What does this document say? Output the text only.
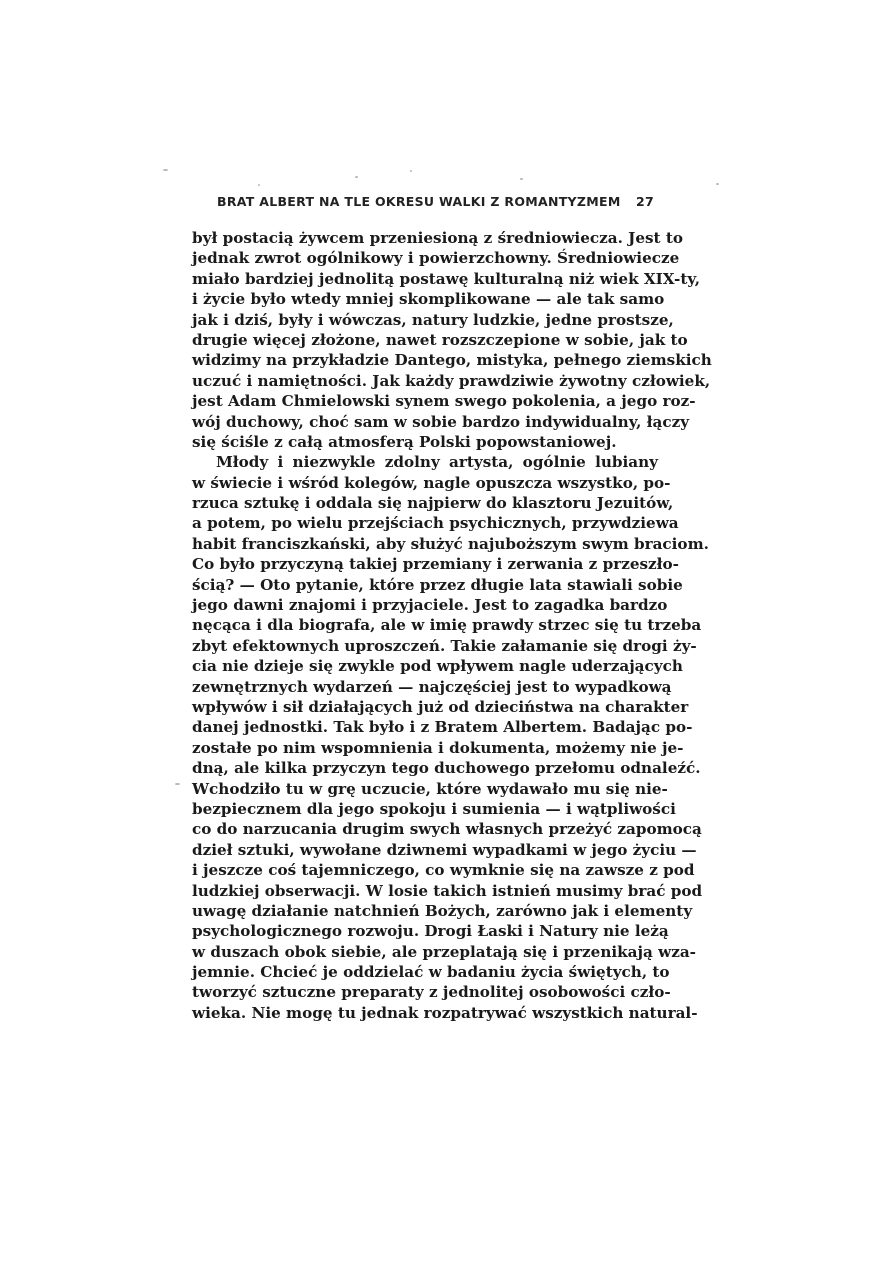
BRAT ALBERT NA TLE OKRESU WALKI Z ROMANTYZMEM 27
był postacią żywcem przeniesioną z średniowiecza. Jest to
jednak zwrot ogólnikowy i powierzchowny. Średniowiecze
miało bardziej jednolitą postawę kulturalną niż wiek XIX-ty,
i życie było wtedy mniej skomplikowane — ale tak samo
jak i dziś, były i wówczas, natury ludzkie, jedne prostsze,
drugie więcej złożone, nawet rozszczepione w sobie, jak to
widzimy na przykładzie Dantego, mistyka, pełnego ziemskich
uczuć i namiętności. Jak każdy prawdziwie żywotny człowiek,
jest Adam Chmielowski synem swego pokolenia, a jego roz-
wój duchowy, choć sam w sobie bardzo indywidualny, łączy
się ściśle z całą atmosferą Polski popowstaniowej.
Młody i niezwykle zdolny artysta, ogólnie lubiany
w świecie i wśród kolegów, nagle opuszcza wszystko, po-
rzuca sztukę i oddala się najpierw do klasztoru Jezuitów,
a potem, po wielu przejściach psychicznych, przywdziewa
habit franciszkański, aby służyć najuboższym swym braciom.
Co było przyczyną takiej przemiany i zerwania z przeszło-
ścią? — Oto pytanie, które przez długie lata stawiali sobie
jego dawni znajomi i przyjaciele. Jest to zagadka bardzo
nęcąca i dla biografa, ale w imię prawdy strzec się tu trzeba
zbyt efektownych uproszczeń. Takie załamanie się drogi ży-
cia nie dzieje się zwykle pod wpływem nagle uderzających
zewnętrznych wydarzeń — najczęściej jest to wypadkową
wpływów i sił działających już od dzieciństwa na charakter
danej jednostki. Tak było i z Bratem Albertem. Badając po-
zostałe po nim wspomnienia i dokumenta, możemy nie je-
dną, ale kilka przyczyn tego duchowego przełomu odnaleźć.
Wchodziło tu w grę uczucie, które wydawało mu się nie-
bezpiecznem dla jego spokoju i sumienia — i wątpliwości
co do narzucania drugim swych własnych przeżyć zapomocą
dzieł sztuki, wywołane dziwnemi wypadkami w jego życiu —
i jeszcze coś tajemniczego, co wymknie się na zawsze z pod
ludzkiej obserwacji. W losie takich istnień musimy brać pod
uwagę działanie natchnień Bożych, zarówno jak i elementy
psychologicznego rozwoju. Drogi Łaski i Natury nie leżą
w duszach obok siebie, ale przeplatają się i przenikają wza-
jemnie. Chcieć je oddzielać w badaniu życia świętych, to
tworzyć sztuczne preparaty z jednolitej osobowości czło-
wieka. Nie mogę tu jednak rozpatrywać wszystkich natural-
